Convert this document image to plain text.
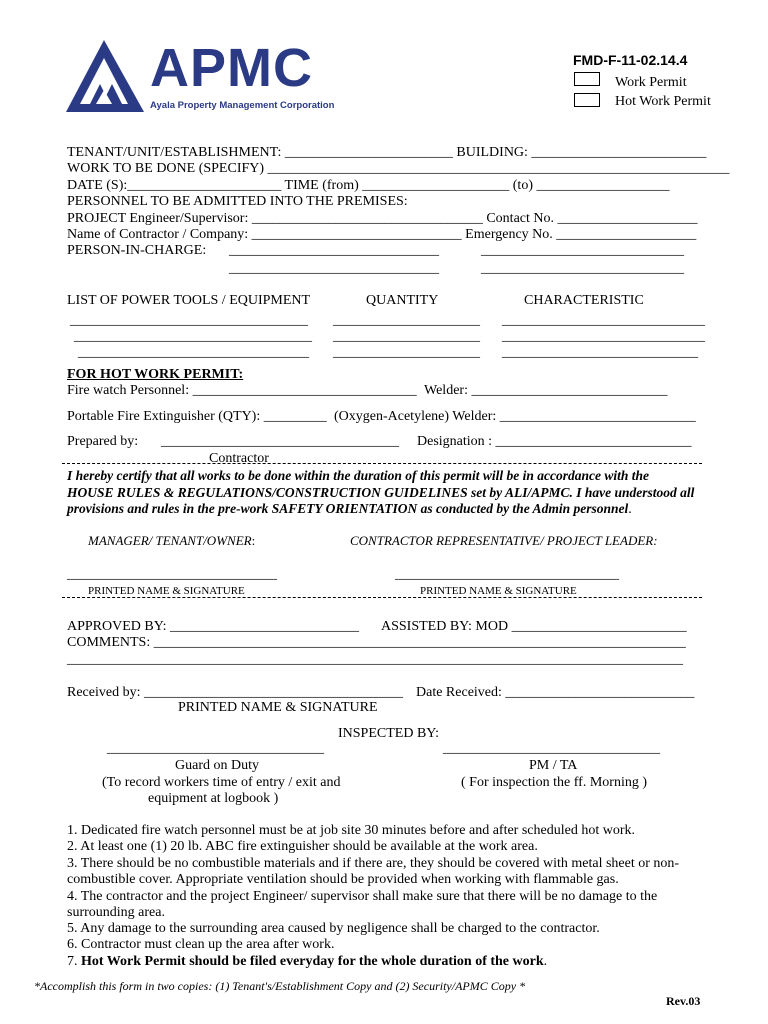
APMC
Ayala Property Management Corporation
FMD-F-11-02.14.4
Work Permit
Hot Work Permit
TENANT/UNIT/ESTABLISHMENT: ________________________ BUILDING: _________________________
WORK TO BE DONE (SPECIFY) __________________________________________________________________
DATE (S):______________________ TIME (from) _____________________ (to) ___________________
PERSONNEL TO BE ADMITTED INTO THE PREMISES:
PROJECT Engineer/Supervisor: _________________________________ Contact No. ____________________
Name of Contractor / Company: ______________________________ Emergency No. ____________________
PERSON-IN-CHARGE: ______________________________	_____________________________
______________________________	_____________________________
LIST OF POWER TOOLS / EQUIPMENT	QUANTITY	CHARACTERISTIC
__________________________________ _____________________ _____________________________
__________________________________ _____________________ _____________________________
_________________________________ _____________________ ____________________________
FOR HOT WORK PERMIT:
Fire watch Personnel: ________________________________ Welder: ____________________________
Portable Fire Extinguisher (QTY): _________ (Oxygen-Acetylene) Welder: ____________________________
Prepared by: __________________________________ Designation : ____________________________
Contractor
I hereby certify that all works to be done within the duration of this permit will be in accordance with the
HOUSE RULES & REGULATIONS/CONSTRUCTION GUIDELINES set by ALI/APMC. I have understood all
provisions and rules in the pre-work SAFETY ORIENTATION as conducted by the Admin personnel.
MANAGER/ TENANT/OWNER:	CONTRACTOR REPRESENTATIVE/ PROJECT LEADER:
______________________________	________________________________
PRINTED NAME & SIGNATURE	PRINTED NAME & SIGNATURE
APPROVED BY: ___________________________ ASSISTED BY: MOD _________________________
COMMENTS: ____________________________________________________________________________
________________________________________________________________________________________
Received by: _____________________________________ Date Received: ___________________________
PRINTED NAME & SIGNATURE
INSPECTED BY:
_______________________________	_______________________________
Guard on Duty
(To record workers time of entry / exit and
equipment at logbook )
PM / TA
( For inspection the ff. Morning )
1. Dedicated fire watch personnel must be at job site 30 minutes before and after scheduled hot work.
2. At least one (1) 20 lb. ABC fire extinguisher should be available at the work area.
3. There should be no combustible materials and if there are, they should be covered with metal sheet or non-
combustible cover. Appropriate ventilation should be provided when working with flammable gas.
4. The contractor and the project Engineer/ supervisor shall make sure that there will be no damage to the
surrounding area.
5. Any damage to the surrounding area caused by negligence shall be charged to the contractor.
6. Contractor must clean up the area after work.
7. Hot Work Permit should be filed everyday for the whole duration of the work.
*Accomplish this form in two copies: (1) Tenant's/Establishment Copy and (2) Security/APMC Copy *
Rev.03
